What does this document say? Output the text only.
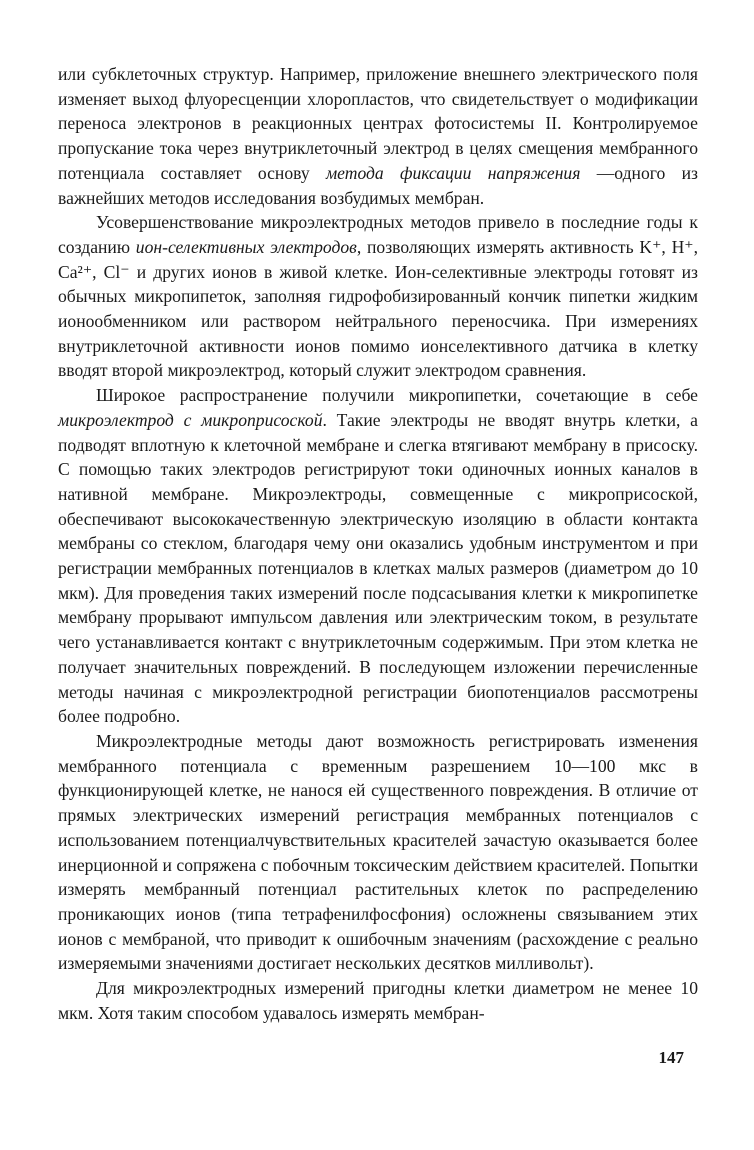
или субклеточных структур. Например, приложение внешнего электрического поля изменяет выход флуоресценции хлоропластов, что свидетельствует о модификации переноса электронов в реакционных центрах фотосистемы II. Контролируемое пропускание тока через внутриклеточный электрод в целях смещения мембранного потенциала составляет основу метода фиксации напряжения —одного из важнейших методов исследования возбудимых мембран.

Усовершенствование микроэлектродных методов привело в последние годы к созданию ион-селективных электродов, позволяющих измерять активность K⁺, H⁺, Ca²⁺, Cl⁻ и других ионов в живой клетке. Ион-селективные электроды готовят из обычных микропипеток, заполняя гидрофобизированный кончик пипетки жидким ионообменником или раствором нейтрального переносчика. При измерениях внутриклеточной активности ионов помимо ионселективного датчика в клетку вводят второй микроэлектрод, который служит электродом сравнения.

Широкое распространение получили микропипетки, сочетающие в себе микроэлектрод с микроприсоской. Такие электроды не вводят внутрь клетки, а подводят вплотную к клеточной мембране и слегка втягивают мембрану в присоску. С помощью таких электродов регистрируют токи одиночных ионных каналов в нативной мембране. Микроэлектроды, совмещенные с микроприсоской, обеспечивают высококачественную электрическую изоляцию в области контакта мембраны со стеклом, благодаря чему они оказались удобным инструментом и при регистрации мембранных потенциалов в клетках малых размеров (диаметром до 10 мкм). Для проведения таких измерений после подсасывания клетки к микропипетке мембрану прорывают импульсом давления или электрическим током, в результате чего устанавливается контакт с внутриклеточным содержимым. При этом клетка не получает значительных повреждений. В последующем изложении перечисленные методы начиная с микроэлектродной регистрации биопотенциалов рассмотрены более подробно.

Микроэлектродные методы дают возможность регистрировать изменения мембранного потенциала с временным разрешением 10—100 мкс в функционирующей клетке, не нанося ей существенного повреждения. В отличие от прямых электрических измерений регистрация мембранных потенциалов с использованием потенциалчувствительных красителей зачастую оказывается более инерционной и сопряжена с побочным токсическим действием красителей. Попытки измерять мембранный потенциал растительных клеток по распределению проникающих ионов (типа тетрафенилфосфония) осложнены связыванием этих ионов с мембраной, что приводит к ошибочным значениям (расхождение с реально измеряемыми значениями достигает нескольких десятков милливольт).

Для микроэлектродных измерений пригодны клетки диаметром не менее 10 мкм. Хотя таким способом удавалось измерять мембран-

147
